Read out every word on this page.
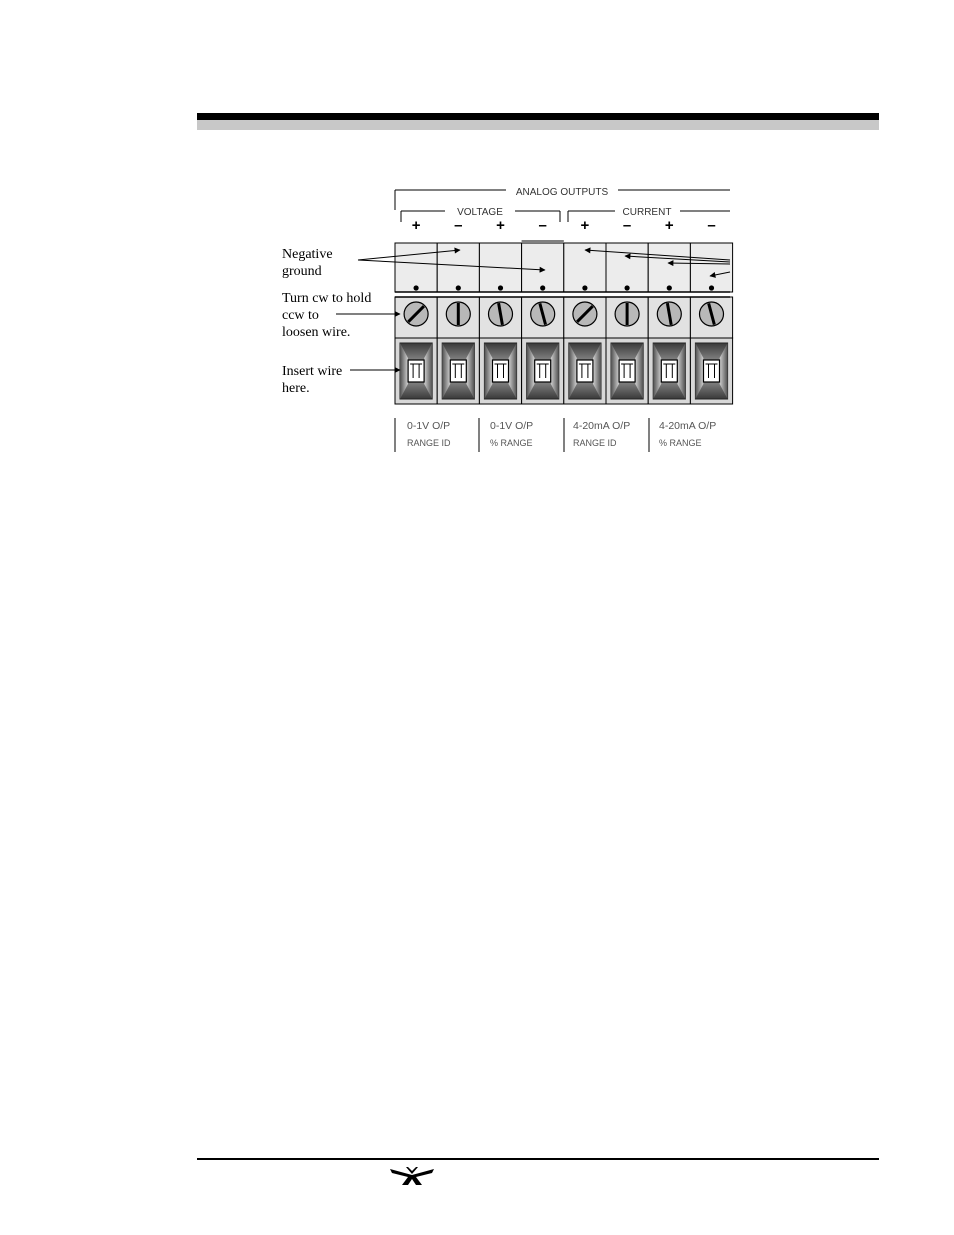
ANALOG OUTPUTS
VOLTAGE	CURRENT
+ – + – + – + –
0-1V O/P
RANGE ID
0-1V O/P
% RANGE
4-20mA O/P
RANGE ID
4-20mA O/P
% RANGE
Negative
ground
Turn cw to hold
ccw to
loosen wire.
Insert wire
here.
